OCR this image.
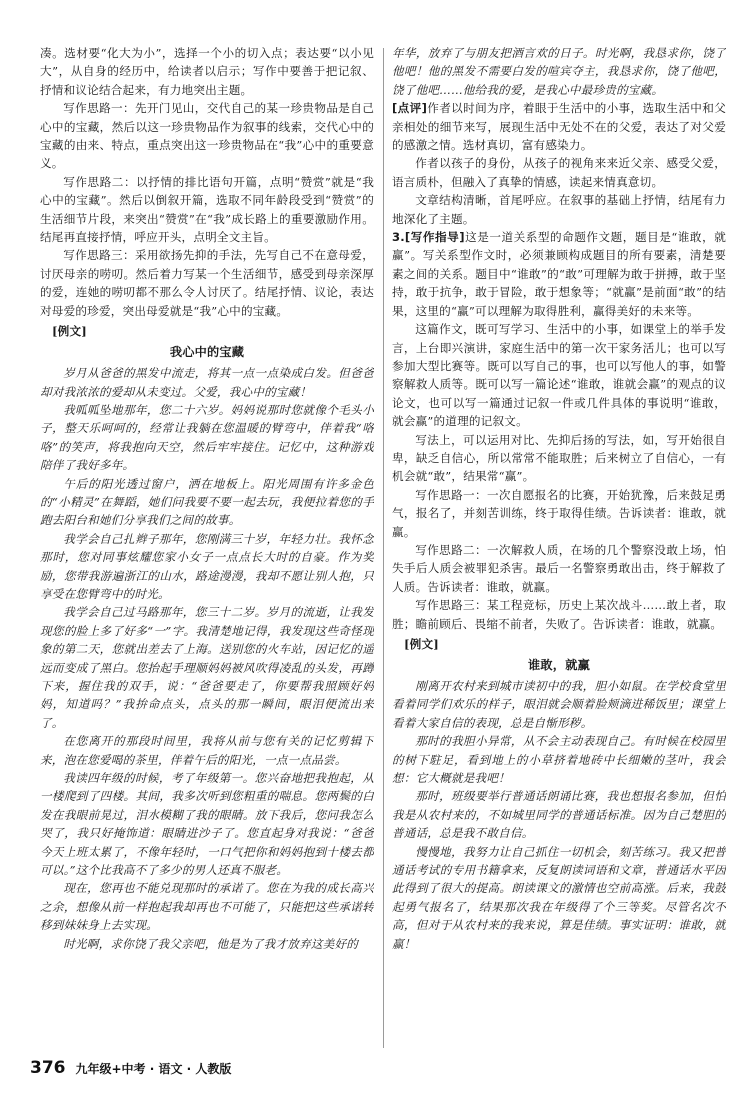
凑。选材要“化大为小”，选择一个小的切入点；表达要“以小见大”，从自身的经历中，给读者以启示；写作中要善于把记叙、抒情和议论结合起来，有力地突出主题。

写作思路一：先开门见山，交代自己的某一珍贵物品是自己心中的宝藏，然后以这一珍贵物品作为叙事的线索，交代心中的宝藏的由来、特点，重点突出这一珍贵物品在“我”心中的重要意义。

写作思路二：以抒情的排比语句开篇，点明“赞赏”就是“我心中的宝藏”。然后以倒叙开篇，选取不同年龄段受到“赞赏”的生活细节片段，来突出“赞赏”在“我”成长路上的重要激励作用。结尾再直接抒情，呼应开头，点明全文主旨。

写作思路三：采用欲扬先抑的手法，先写自己不在意母爱，讨厌母亲的唠叨。然后着力写某一个生活细节，感受到母亲深厚的爱，连她的唠叨都不那么令人讨厌了。结尾抒情、议论，表达对母爱的珍爱，突出母爱就是“我”心中的宝藏。

[例文]
我心中的宝藏

岁月从爸爸的黑发中流走，将其一点一点染成白发。但爸爸却对我浓浓的爱却从未变过。父爱，我心中的宝藏！

我呱呱坠地那年，您二十六岁。妈妈说那时您就像个毛头小子，整天乐呵呵的，经常让我躺在您温暖的臂弯中，伴着我“咯咯”的笑声，将我抱向天空，然后牢牢接住。记忆中，这种游戏陪伴了我好多年。

午后的阳光透过窗户，洒在地板上。阳光周围有许多金色的“小精灵”在舞蹈，她们问我要不要一起去玩，我便拉着您的手跑去阳台和她们分享我们之间的故事。

我学会自己扎辫子那年，您刚满三十岁，年轻力壮。我怀念那时，您对同事炫耀您家小女子一点点长大时的自豪。作为奖励，您带我游遍浙江的山水，路途漫漫，我却不愿让别人抱，只享受在您臂弯中的时光。

我学会自己过马路那年，您三十二岁。岁月的流逝，让我发现您的脸上多了好多“一”字。我清楚地记得，我发现这些奇怪现象的第二天，您就出差去了上海。送别您的火车站，因记忆的遥远而变成了黑白。您抬起手理顺妈妈被风吹得凌乱的头发，再蹲下来，握住我的双手，说：“爸爸要走了，你要帮我照顾好妈妈，知道吗？”我拚命点头，点头的那一瞬间，眼泪便流出来了。

在您离开的那段时间里，我将从前与您有关的记忆剪辑下来，泡在您爱喝的茶里，伴着午后的阳光，一点一点品尝。

我读四年级的时候，考了年级第一。您兴奋地把我抱起，从一楼爬到了四楼。其间，我多次听到您粗重的喘息。您两鬓的白发在我眼前晃过，泪水模糊了我的眼睛。放下我后，您问我怎么哭了，我只好掩饰道：眼睛进沙子了。您直起身对我说：“爸爸今天上班太累了，不像年轻时，一口气把你和妈妈抱到十楼去都可以。”这个比我高不了多少的男人还真不服老。

现在，您再也不能兑现那时的承诺了。您在为我的成长高兴之余，想像从前一样抱起我却再也不可能了，只能把这些承诺转移到妹妹身上去实现。

时光啊，求你饶了我父亲吧，他是为了我才放弃这美好的

年华，放弃了与朋友把酒言欢的日子。时光啊，我恳求你，饶了他吧！他的黑发不需要白发的喧宾夺主，我恳求你，饶了他吧，饶了他吧……他给我的爱，是我心中最珍贵的宝藏。

[点评]作者以时间为序，着眼于生活中的小事，选取生活中和父亲相处的细节来写，展现生活中无处不在的父爱，表达了对父爱的感激之情。选材真切，富有感染力。

作者以孩子的身份，从孩子的视角来来近父亲、感受父爱，语言质朴，但融入了真挚的情感，读起来情真意切。

文章结构清晰，首尾呼应。在叙事的基础上抒情，结尾有力地深化了主题。

3.[写作指导]这是一道关系型的命题作文题，题目是“谁敢，就赢”。写关系型作文时，必须兼顾构成题目的所有要素，清楚要素之间的关系。题目中“谁敢”的“敢”可理解为敢于拼搏，敢于坚持，敢于抗争，敢于冒险，敢于想象等；“就赢”是前面“敢”的结果，这里的“赢”可以理解为取得胜利，赢得美好的未来等。

这篇作文，既可写学习、生活中的小事，如课堂上的举手发言，上台即兴演讲，家庭生活中的第一次干家务活儿；也可以写参加大型比赛等。既可以写自己的事，也可以写他人的事，如警察解救人质等。既可以写一篇论述“谁敢，谁就会赢”的观点的议论文，也可以写一篇通过记叙一件或几件具体的事说明“谁敢，就会赢”的道理的记叙文。

写法上，可以运用对比、先抑后扬的写法，如，写开始很自卑，缺乏自信心，所以常常不能取胜；后来树立了自信心，一有机会就“敢”，结果常“赢”。

写作思路一：一次自愿报名的比赛，开始犹豫，后来鼓足勇气，报名了，并刻苦训练，终于取得佳绩。告诉读者：谁敢，就赢。

写作思路二：一次解救人质，在场的几个警察没敢上场，怕失手后人质会被罪犯杀害。最后一名警察勇敢出击，终于解救了人质。告诉读者：谁敢，就赢。

写作思路三：某工程竞标，历史上某次战斗……敢上者，取胜；瞻前顾后、畏缩不前者，失败了。告诉读者：谁敢，就赢。

[例文]
谁敢，就赢

刚离开农村来到城市读初中的我，胆小如鼠。在学校食堂里看着同学们欢乐的样子，眼泪就会顺着脸颊滴进稀饭里；课堂上看着大家自信的表现，总是自惭形秽。

那时的我胆小异常，从不会主动表现自己。有时候在校园里的树下駐足，看到地上的小草挤着地砖中长细嫩的茎叶，我会想：它大概就是我吧！

那时，班级要举行普通话朗诵比赛，我也想报名参加，但怕我是从农村来的，不如城里同学的普通话标准。因为自己楚胆的普通话，总是我不敢自信。

慢慢地，我努力让自己抓住一切机会，刻苦练习。我又把普通话考试的专用书籍拿来，反复朗读词语和文章，普通话水平因此得到了很大的提高。朗读课文的激情也空前高涨。后来，我鼓起勇气报名了，结果那次我在年级得了个三等奖。尽管名次不高，但对于从农村来的我来说，算是佳绩。事实证明：谁敢，就赢！

376 九年级+中考 · 语文 · 人教版
